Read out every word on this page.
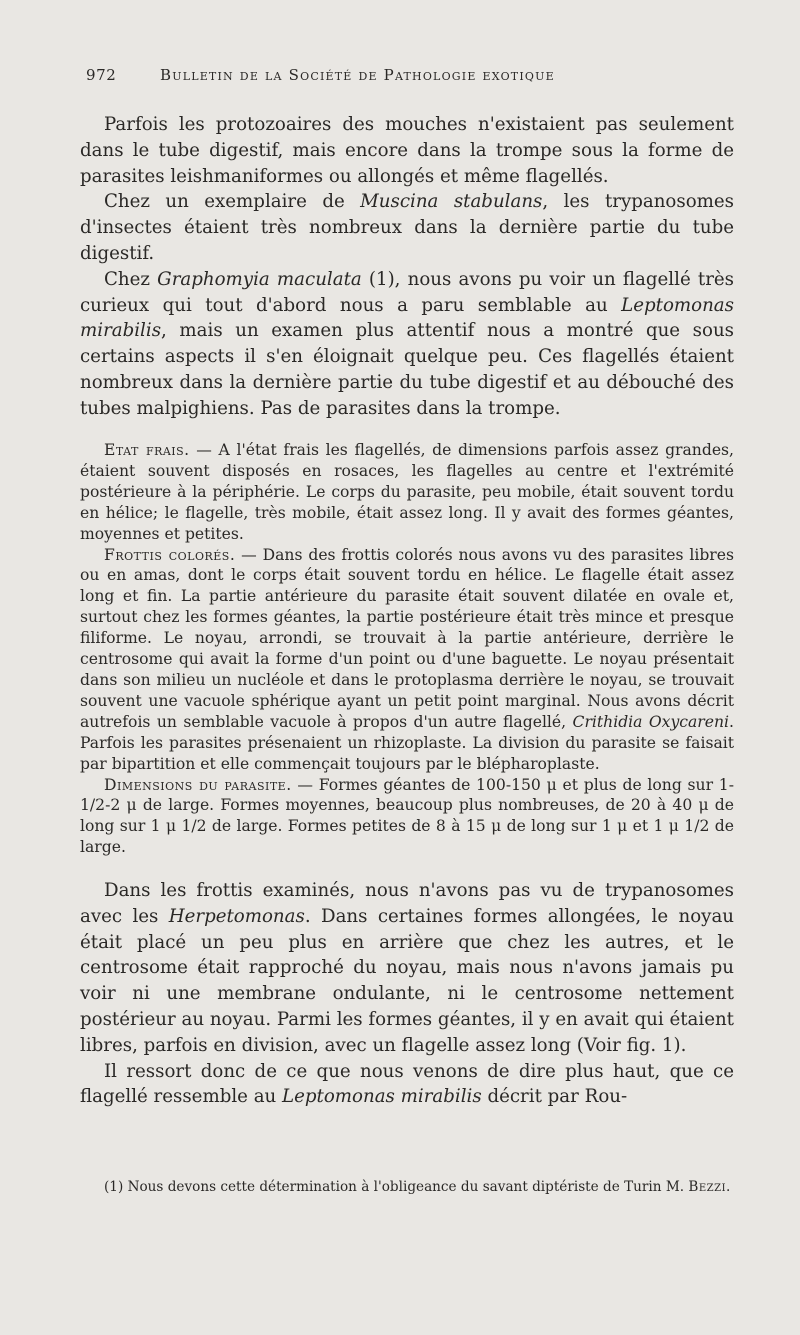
972	Bulletin de la Société de Pathologie exotique

Parfois les protozoaires des mouches n'existaient pas seulement dans le tube digestif, mais encore dans la trompe sous la forme de parasites leishmaniformes ou allongés et même flagellés.

Chez un exemplaire de Muscina stabulans, les trypanosomes d'insectes étaient très nombreux dans la dernière partie du tube digestif.

Chez Graphomyia maculata (1), nous avons pu voir un flagellé très curieux qui tout d'abord nous a paru semblable au Leptomonas mirabilis, mais un examen plus attentif nous a montré que sous certains aspects il s'en éloignait quelque peu. Ces flagellés étaient nombreux dans la dernière partie du tube digestif et au débouché des tubes malpighiens. Pas de parasites dans la trompe.

Etat frais. — A l'état frais les flagellés, de dimensions parfois assez grandes, étaient souvent disposés en rosaces, les flagelles au centre et l'extrémité postérieure à la périphérie. Le corps du parasite, peu mobile, était souvent tordu en hélice; le flagelle, très mobile, était assez long. Il y avait des formes géantes, moyennes et petites.

Frottis colorés. — Dans des frottis colorés nous avons vu des parasites libres ou en amas, dont le corps était souvent tordu en hélice. Le flagelle était assez long et fin. La partie antérieure du parasite était souvent dilatée en ovale et, surtout chez les formes géantes, la partie postérieure était très mince et presque filiforme. Le noyau, arrondi, se trouvait à la partie antérieure, derrière le centrosome qui avait la forme d'un point ou d'une baguette. Le noyau présentait dans son milieu un nucléole et dans le protoplasma derrière le noyau, se trouvait souvent une vacuole sphérique ayant un petit point marginal. Nous avons décrit autrefois un semblable vacuole à propos d'un autre flagellé, Crithidia Oxycareni. Parfois les parasites présenaient un rhizoplaste. La division du parasite se faisait par bipartition et elle commençait toujours par le blépharoplaste.

Dimensions du parasite. — Formes géantes de 100-150 μ et plus de long sur 1-1/2-2 μ de large. Formes moyennes, beaucoup plus nombreuses, de 20 à 40 μ de long sur 1 μ 1/2 de large. Formes petites de 8 à 15 μ de long sur 1 μ et 1 μ 1/2 de large.

Dans les frottis examinés, nous n'avons pas vu de trypanosomes avec les Herpetomonas. Dans certaines formes allongées, le noyau était placé un peu plus en arrière que chez les autres, et le centrosome était rapproché du noyau, mais nous n'avons jamais pu voir ni une membrane ondulante, ni le centrosome nettement postérieur au noyau. Parmi les formes géantes, il y en avait qui étaient libres, parfois en division, avec un flagelle assez long (Voir fig. 1).

Il ressort donc de ce que nous venons de dire plus haut, que ce flagellé ressemble au Leptomonas mirabilis décrit par Rou-

(1) Nous devons cette détermination à l'obligeance du savant diptériste de Turin M. Bezzi.
